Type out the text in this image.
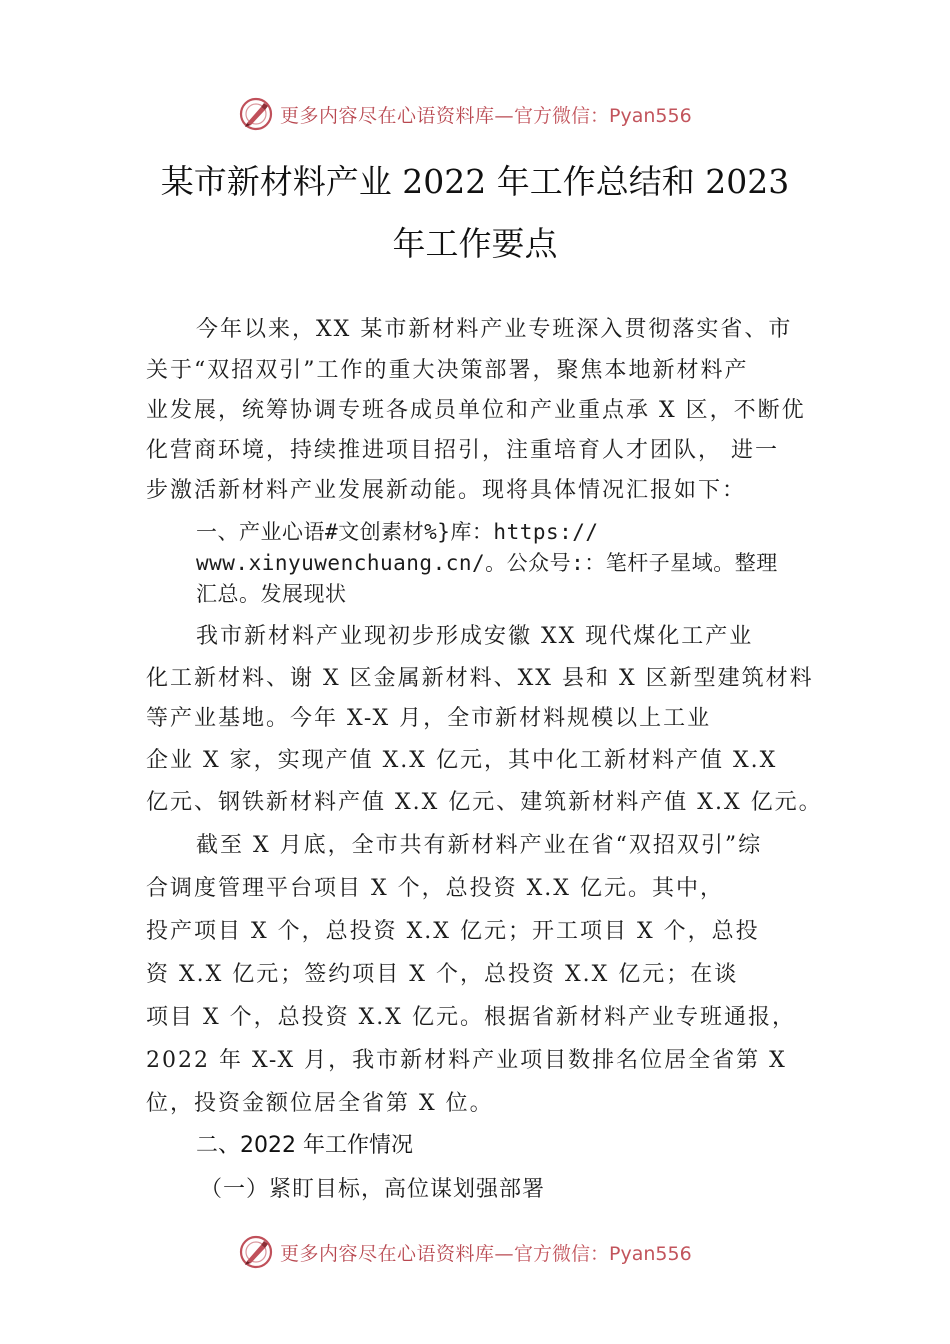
更多内容尽在心语资料库— 官方微信：Pyan556
某市新材料产业 2022 年工作总结和 2023
年工作要点
今年以来，XX 某市新材料产业专班深入贯彻落实省、市
关于“双招双引”工作的重大决策部署，聚焦本地新材料产
业发展，统筹协调专班各成员单位和产业重点承 X 区，不断优
化营商环境，持续推进项目招引，注重培育人才团队， 进一
步激活新材料产业发展新动能。现将具体情况汇报如下：
一、产业心语#文创素材%}库：https://
www.xinyuwenchuang.cn/。公众号:：笔杆子星域。整理
汇总。发展现状
我市新材料产业现初步形成安徽 XX 现代煤化工产业
化工新材料、谢 X 区金属新材料、XX 县和 X 区新型建筑材料
等产业基地。今年 X-X 月，全市新材料规模以上工业
企业 X 家，实现产值 X.X 亿元，其中化工新材料产值 X.X
亿元、钢铁新材料产值 X.X 亿元、建筑新材料产值 X.X 亿元。
截至 X 月底，全市共有新材料产业在省“双招双引”综
合调度管理平台项目 X 个，总投资 X.X 亿元。其中，
投产项目 X 个，总投资 X.X 亿元；开工项目 X 个，总投
资 X.X 亿元；签约项目 X 个，总投资 X.X 亿元；在谈
项目 X 个，总投资 X.X 亿元。根据省新材料产业专班通报，
2022 年 X-X 月，我市新材料产业项目数排名位居全省第 X
位，投资金额位居全省第 X 位。
二、2022 年工作情况
（一）紧盯目标，高位谋划强部署
更多内容尽在心语资料库— 官方微信：Pyan556
